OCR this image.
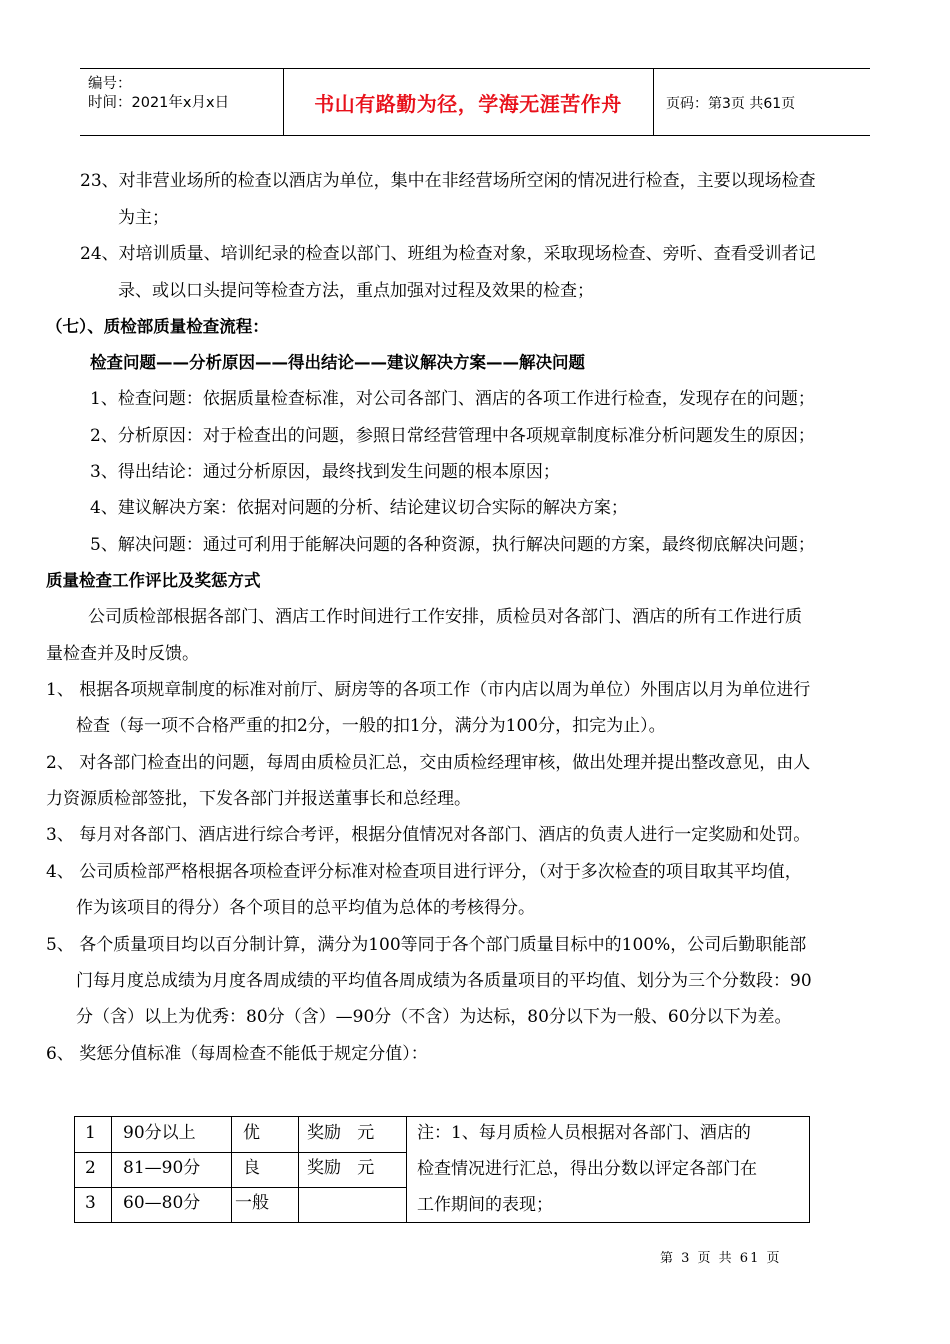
编号：
时间：2021年x月x日	书山有路勤为径，学海无涯苦作舟	页码：第3页 共61页
23、对非营业场所的检查以酒店为单位，集中在非经营场所空闲的情况进行检查，主要以现场检查
为主；
24、对培训质量、培训纪录的检查以部门、班组为检查对象，采取现场检查、旁听、查看受训者记
录、或以口头提问等检查方法，重点加强对过程及效果的检查；
（七）、质检部质量检查流程：
检查问题——分析原因——得出结论——建议解决方案——解决问题
1、检查问题：依据质量检查标准，对公司各部门、酒店的各项工作进行检查，发现存在的问题；
2、分析原因：对于检查出的问题，参照日常经营管理中各项规章制度标准分析问题发生的原因；
3、得出结论：通过分析原因，最终找到发生问题的根本原因；
4、建议解决方案：依据对问题的分析、结论建议切合实际的解决方案；
5、解决问题：通过可利用于能解决问题的各种资源，执行解决问题的方案，最终彻底解决问题；
质量检查工作评比及奖惩方式
公司质检部根据各部门、酒店工作时间进行工作安排，质检员对各部门、酒店的所有工作进行质
量检查并及时反馈。
1、 根据各项规章制度的标准对前厅、厨房等的各项工作（市内店以周为单位）外围店以月为单位进行
检查（每一项不合格严重的扣2分，一般的扣1分，满分为100分，扣完为止）。
2、 对各部门检查出的问题，每周由质检员汇总，交由质检经理审核，做出处理并提出整改意见，由人
力资源质检部签批，下发各部门并报送董事长和总经理。
3、 每月对各部门、酒店进行综合考评，根据分值情况对各部门、酒店的负责人进行一定奖励和处罚。
4、 公司质检部严格根据各项检查评分标准对检查项目进行评分，（对于多次检查的项目取其平均值，
作为该项目的得分）各个项目的总平均值为总体的考核得分。
5、 各个质量项目均以百分制计算，满分为100等同于各个部门质量目标中的100%，公司后勤职能部
门每月度总成绩为月度各周成绩的平均值各周成绩为各质量项目的平均值、划分为三个分数段：90
分（含）以上为优秀：80分（含）—90分（不含）为达标，80分以下为一般、60分以下为差。
6、 奖惩分值标准（每周检查不能低于规定分值）：
1 90分以上	优	奖励   元
2 81—90分	良	奖励   元
3 60—80分 一般
注：1、每月质检人员根据对各部门、酒店的
检查情况进行汇总，得出分数以评定各部门在
工作期间的表现；
第 3 页 共 61 页
